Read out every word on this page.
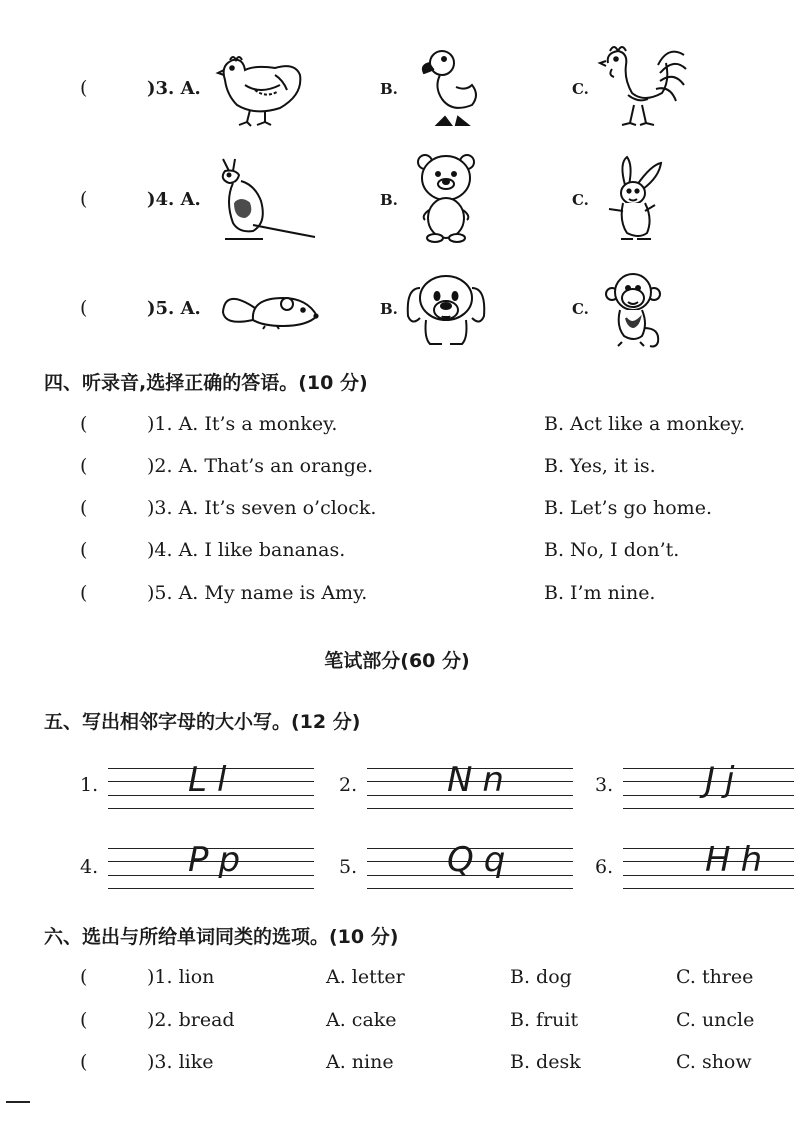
(	)3. A.	B.	C.
(	)4. A.	B.	C.
(	)5. A.	B.	C.
四、听录音,选择正确的答语。(10 分)
(	)1. A. It’s a monkey.	B. Act like a monkey.
(	)2. A. That’s an orange.	B. Yes, it is.
(	)3. A. It’s seven o’clock.	B. Let’s go home.
(	)4. A. I like bananas.	B. No, I don’t.
(	)5. A. My name is Amy.	B. I’m nine.
笔试部分(60 分)
五、写出相邻字母的大小写。(12 分)
1.	Ll	2.	Nn	3.	Jj
4.	Pp	5.	Qq	6.	Hh
六、选出与所给单词同类的选项。(10 分)
(	)1. lion	A. letter	B. dog	C. three
(	)2. bread	A. cake	B. fruit	C. uncle
(	)3. like	A. nine	B. desk	C. show
